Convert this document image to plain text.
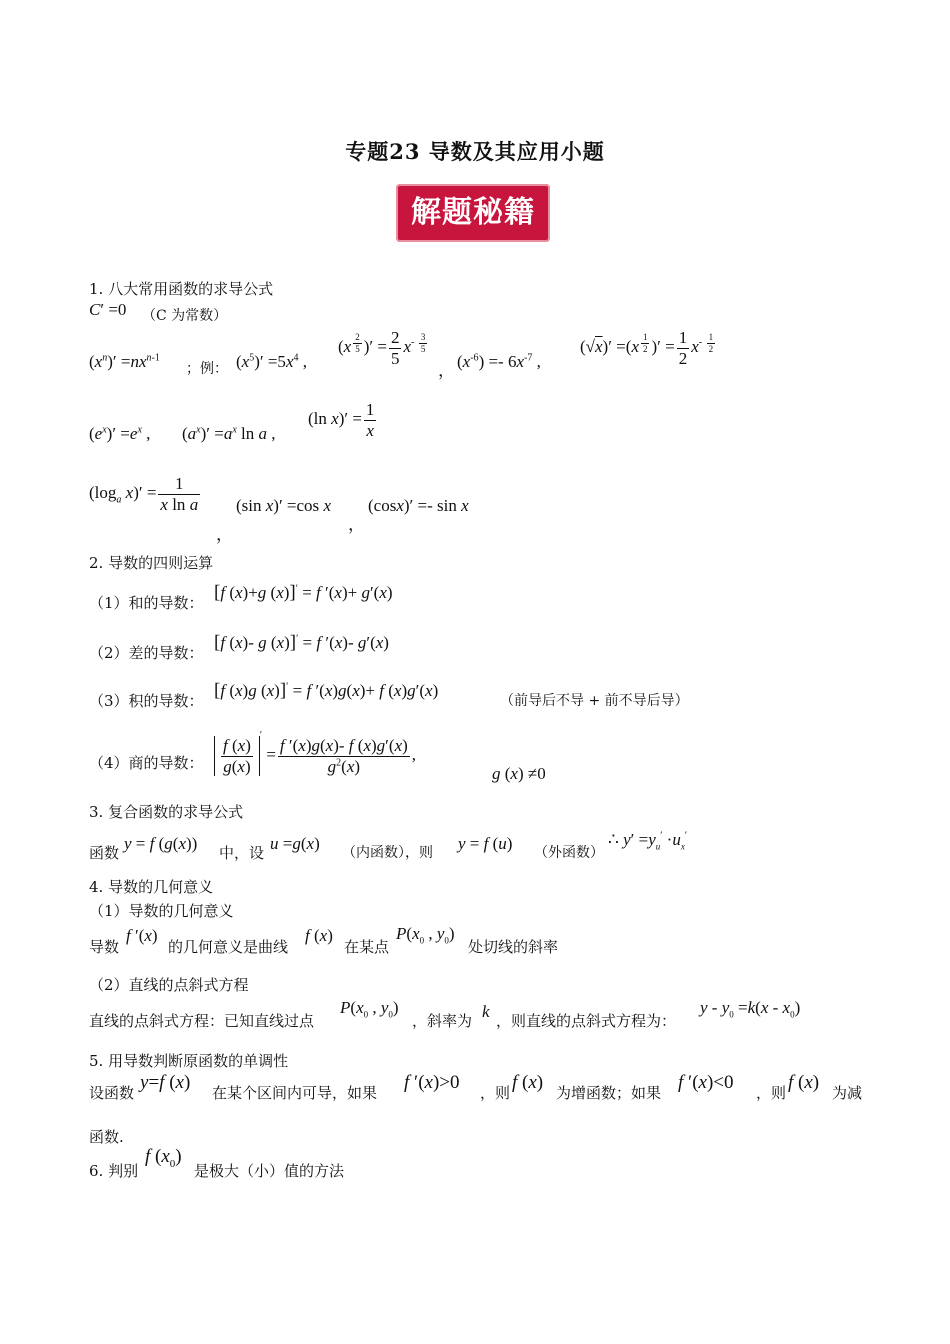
专题23 导数及其应用小题
解题秘籍
1. 八大常用函数的求导公式
C′ =0 （C 为常数）
$(x^n)' =nx^{n-1}$
；例： $(x^5)' =5x^4$ ,
(x $^{\frac{2}{5}}$ )′ = $\frac{2}{5} x^{- \frac{3}{5}}$
， $(x^{-6}) =- 6x^{-7}$ ,
(√x)′ =(x $^{\frac{1}{2}}$ )′ = $\frac{1}{2} x^{- \frac{1}{2}}$
$(e^x)' =e^x$ , $(a^x)' =a^x$ ln a ,
(ln $x)' = \frac{1}{x}$
($\log_a$ $x)' = \frac{1}{\text{x ln a}}$
，
(sin x)′ =cos x
，
(cosx)′ =- sin x
2. 导数的四则运算
（1）和的导数： [f (x)+g (x)]′ = f ′(x)+ g′(x)
（2）差的导数： [f (x)- g (x)]′ = f ′(x)- g′(x)
（3）积的导数： [f (x)g (x)]′ = f ′(x)g(x)+ f (x)g′(x)
（前导后不导 + 前不导后导）
（4）商的导数： $\frac{f (x)}{g(x)}$
$' = \frac{f '(x)g(x)- f (x)g'(x)}{g^2(x)}$ ,
g (x) ≠0
3. 复合函数的求导公式
函数 y = f (g(x)) 中，设 u =g(x) （内函数），则 y = f (u) （外函数）
∴ $y' =y_u' \cdot u_x'$
4. 导数的几何意义
（1）导数的几何意义
导数
f ′(x)
的几何意义是曲线
f (x)
在某点
$P(x_0$ , $y_0$)
处切线的斜率
（2）直线的点斜式方程
直线的点斜式方程：已知直线过点
$P(x_0$ , $y_0$)
，斜率为 k ，则直线的点斜式方程为：
$y - y_0 =k(x - x_0)$
5. 用导数判断原函数的单调性
设函数 y=f (x) 在某个区间内可导，如果 f ′(x)>0 ，则 f (x) 为增函数；如果 f ′(x)<0 ，则 f (x) 为减
函数.
6. 判别
f $(x_0)$
是极大（小）值的方法
